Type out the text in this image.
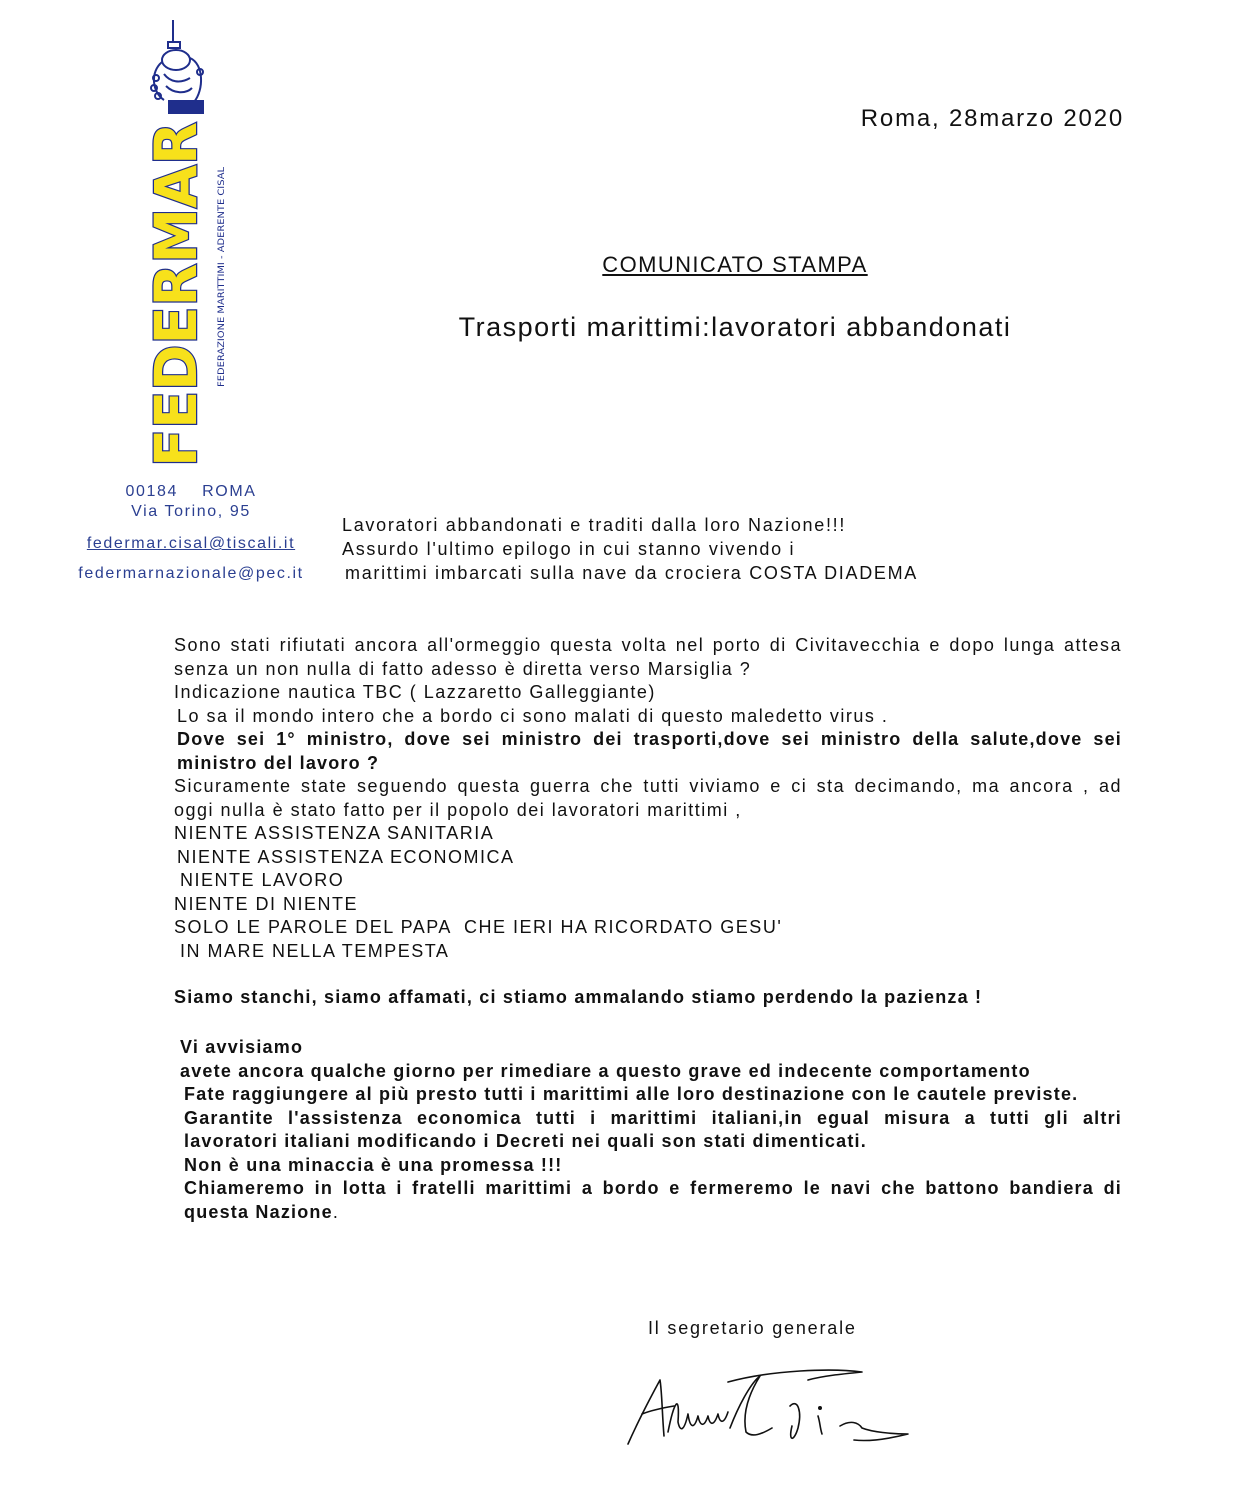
FEDERMAR FEDERAZIONE MARITTIMI - ADERENTE CISAL
00184    ROMA
Via Torino, 95
federmar.cisal@tiscali.it
federmarnazionale@pec.it
Roma, 28marzo 2020
COMUNICATO STAMPA
Trasporti marittimi:lavoratori abbandonati
Lavoratori abbandonati e traditi dalla loro Nazione!!!
Assurdo l'ultimo epilogo in cui stanno vivendo i
marittimi imbarcati sulla nave da crociera COSTA DIADEMA
Sono stati rifiutati ancora all'ormeggio questa volta nel porto di Civitavecchia e dopo lunga attesa senza un non nulla di fatto adesso è diretta verso Marsiglia ?
Indicazione nautica TBC ( Lazzaretto Galleggiante)
Lo sa il mondo intero che a bordo ci sono malati di questo maledetto virus .
Dove sei 1° ministro, dove sei ministro dei trasporti,dove sei ministro della salute,dove sei ministro del lavoro ?
Sicuramente state seguendo questa guerra che tutti viviamo e ci sta decimando, ma ancora , ad oggi nulla è stato fatto per il popolo dei lavoratori marittimi ,
NIENTE ASSISTENZA SANITARIA
NIENTE ASSISTENZA ECONOMICA
NIENTE LAVORO
NIENTE DI NIENTE
SOLO LE PAROLE DEL PAPA  CHE IERI HA RICORDATO GESU'
IN MARE NELLA TEMPESTA
Siamo stanchi, siamo affamati, ci stiamo ammalando stiamo perdendo la pazienza !
Vi avvisiamo
avete ancora qualche giorno per rimediare a questo grave ed indecente comportamento
Fate raggiungere al più presto tutti i marittimi alle loro destinazione con le cautele previste.
Garantite l'assistenza economica tutti i marittimi italiani,in egual misura a tutti gli altri lavoratori italiani modificando i Decreti nei quali son stati dimenticati.
Non è una minaccia è una promessa !!!
Chiameremo in lotta i fratelli marittimi a bordo e fermeremo le navi che battono bandiera di questa Nazione.
Il segretario generale
